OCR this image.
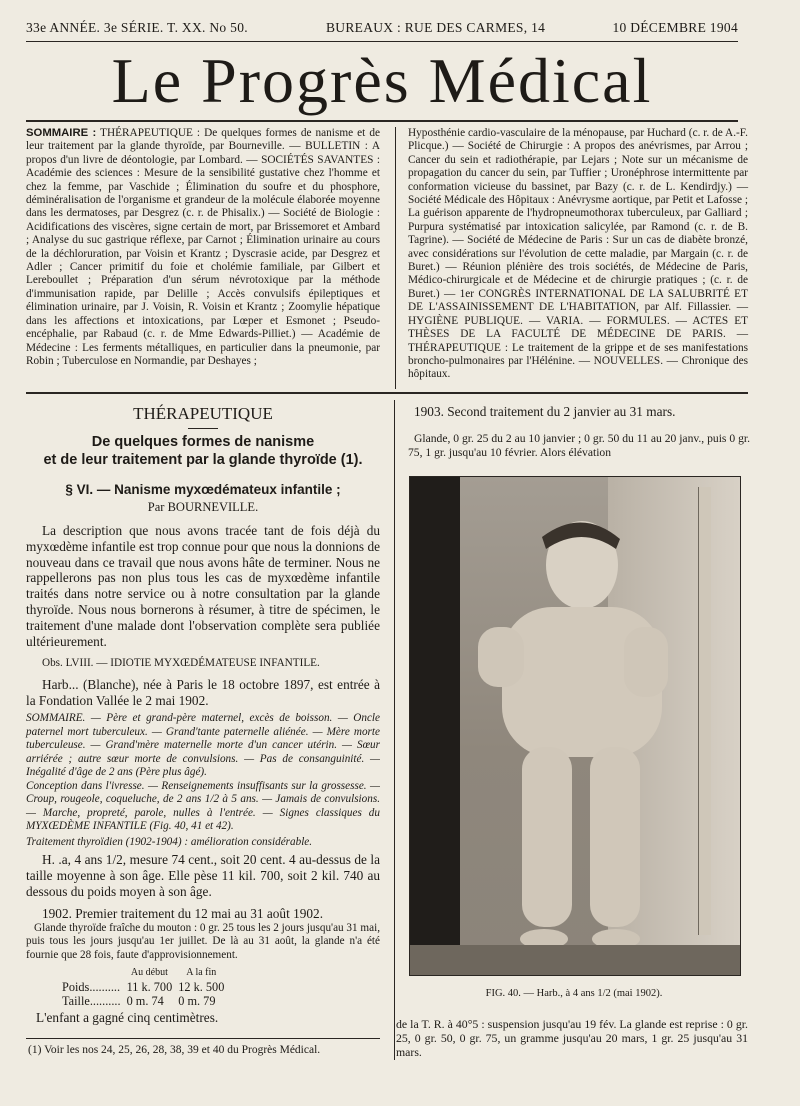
33e ANNÉE. 3e SÉRIE. T. XX. No 50.	BUREAUX : RUE DES CARMES, 14	10 DÉCEMBRE 1904
Le Progrès Médical
SOMMAIRE : THÉRAPEUTIQUE : De quelques formes de nanisme et de leur traitement par la glande thyroïde, par Bourneville. — BULLETIN : A propos d'un livre de déontologie, par Lombard. — SOCIÉTÉS SAVANTES : Académie des sciences : Mesure de la sensibilité gustative chez l'homme et chez la femme, par Vaschide ; Élimination du soufre et du phosphore, déminéralisation de l'organisme et grandeur de la molécule élaborée moyenne dans les dermatoses, par Desgrez (c. r. de Phisalix.) — Société de Biologie : Acidifications des viscères, signe certain de mort, par Brissemoret et Ambard ; Analyse du suc gastrique réflexe, par Carnot ; Élimination urinaire au cours de la déchloruration, par Voisin et Krantz ; Dyscrasie acide, par Desgrez et Adler ; Cancer primitif du foie et cholémie familiale, par Gilbert et Lereboullet ; Préparation d'un sérum névrotoxique par la méthode d'immunisation rapide, par Delille ; Accès convulsifs épileptiques et élimination urinaire, par J. Voisin, R. Voisin et Krantz ; Zoomylie hépatique dans les affections et intoxications, par Lœper et Esmonet ; Pseudo-encéphalie, par Rabaud (c. r. de Mme Edwards-Pilliet.) — Académie de Médecine : Les ferments métalliques, en particulier dans la pneumonie, par Robin ; Tuberculose en Normandie, par Deshayes ;
Hyposthénie cardio-vasculaire de la ménopause, par Huchard (c. r. de A.-F. Plicque.) — Société de Chirurgie : A propos des anévrismes, par Arrou ; Cancer du sein et radiothérapie, par Lejars ; Note sur un mécanisme de propagation du cancer du sein, par Tuffier ; Uronéphrose intermittente par conformation vicieuse du bassinet, par Bazy (c. r. de L. Kendirdjy.) — Société Médicale des Hôpitaux : Anévrysme aortique, par Petit et Lafosse ; La guérison apparente de l'hydropneumothorax tuberculeux, par Galliard ; Purpura systématisé par intoxication salicylée, par Ramond (c. r. de B. Tagrine). — Société de Médecine de Paris : Sur un cas de diabète bronzé, avec considérations sur l'évolution de cette maladie, par Margain (c. r. de Buret.) — Réunion plénière des trois sociétés, de Médecine de Paris, Médico-chirurgicale et de Médecine et de chirurgie pratiques ; (c. r. de Buret.) — 1er CONGRÈS INTERNATIONAL DE LA SALUBRITÉ ET DE L'ASSAINISSEMENT DE L'HABITATION, par Alf. Fillassier. — HYGIÈNE PUBLIQUE. — VARIA. — FORMULES. — ACTES ET THÈSES DE LA FACULTÉ DE MÉDECINE DE PARIS. — THÉRAPEUTIQUE : Le traitement de la grippe et de ses manifestations broncho-pulmonaires par l'Hélénine. — NOUVELLES. — Chronique des hôpitaux.
THÉRAPEUTIQUE
De quelques formes de nanisme
et de leur traitement par la glande thyroïde (1).
§ VI. — Nanisme myxœdémateux infantile ;
Par BOURNEVILLE.

La description que nous avons tracée tant de fois déjà du myxœdème infantile est trop connue pour que nous la donnions de nouveau dans ce travail que nous avons hâte de terminer. Nous ne rappellerons pas non plus tous les cas de myxœdème infantile traités dans notre service ou à notre consultation par la glande thyroïde. Nous nous bornerons à résumer, à titre de spécimen, le traitement d'une malade dont l'observation complète sera publiée ultérieurement.

Obs. LVIII. — IDIOTIE MYXŒDÉMATEUSE INFANTILE.
Harb... (Blanche), née à Paris le 18 octobre 1897, est entrée à la Fondation Vallée le 2 mai 1902.
SOMMAIRE. — Père et grand-père maternel, excès de boisson. — Oncle paternel mort tuberculeux. — Grand'tante paternelle aliénée. — Mère morte tuberculeuse. — Grand'mère maternelle morte d'un cancer utérin. — Sœur arriérée ; autre sœur morte de convulsions. — Pas de consanguinité. — Inégalité d'âge de 2 ans (Père plus âgé).
Conception dans l'ivresse. — Renseignements insuffisants sur la grossesse. — Croup, rougeole, coqueluche, de 2 ans 1/2 à 5 ans. — Jamais de convulsions. — Marche, propreté, parole, nulles à l'entrée. — Signes classiques du MYXŒDÈME INFANTILE (Fig. 40, 41 et 42).
Traitement thyroïdien (1902-1904) : amélioration considérable.
H. .a, 4 ans 1/2, mesure 74 cent., soit 20 cent. 4 au-dessus de la taille moyenne à son âge. Elle pèse 11 kil. 700, soit 2 kil. 740 au dessous du poids moyen à son âge.
1902. Premier traitement du 12 mai au 31 août 1902.
Glande thyroïde fraîche du mouton : 0 gr. 25 tous les 2 jours jusqu'au 31 mai, puis tous les jours jusqu'au 1er juillet. De là au 31 août, la glande n'a été fournie que 28 fois, faute d'approvisionnement.
	Au début	A la fin
Poids..........	11 k. 700	12 k. 500
Taille..........	0 m. 74	0 m. 79
L'enfant a gagné cinq centimètres.
(1) Voir les nos 24, 25, 26, 28, 38, 39 et 40 du Progrès Médical.
1903. Second traitement du 2 janvier au 31 mars.
Glande, 0 gr. 25 du 2 au 10 janvier ; 0 gr. 50 du 11 au 20 janv., puis 0 gr. 75, 1 gr. jusqu'au 10 février. Alors élévation
FIG. 40. — Harb., à 4 ans 1/2 (mai 1902).
de la T. R. à 40°5 : suspension jusqu'au 19 fév. La glande est reprise : 0 gr. 25, 0 gr. 50, 0 gr. 75, un gramme jusqu'au 20 mars, 1 gr. 25 jusqu'au 31 mars.
